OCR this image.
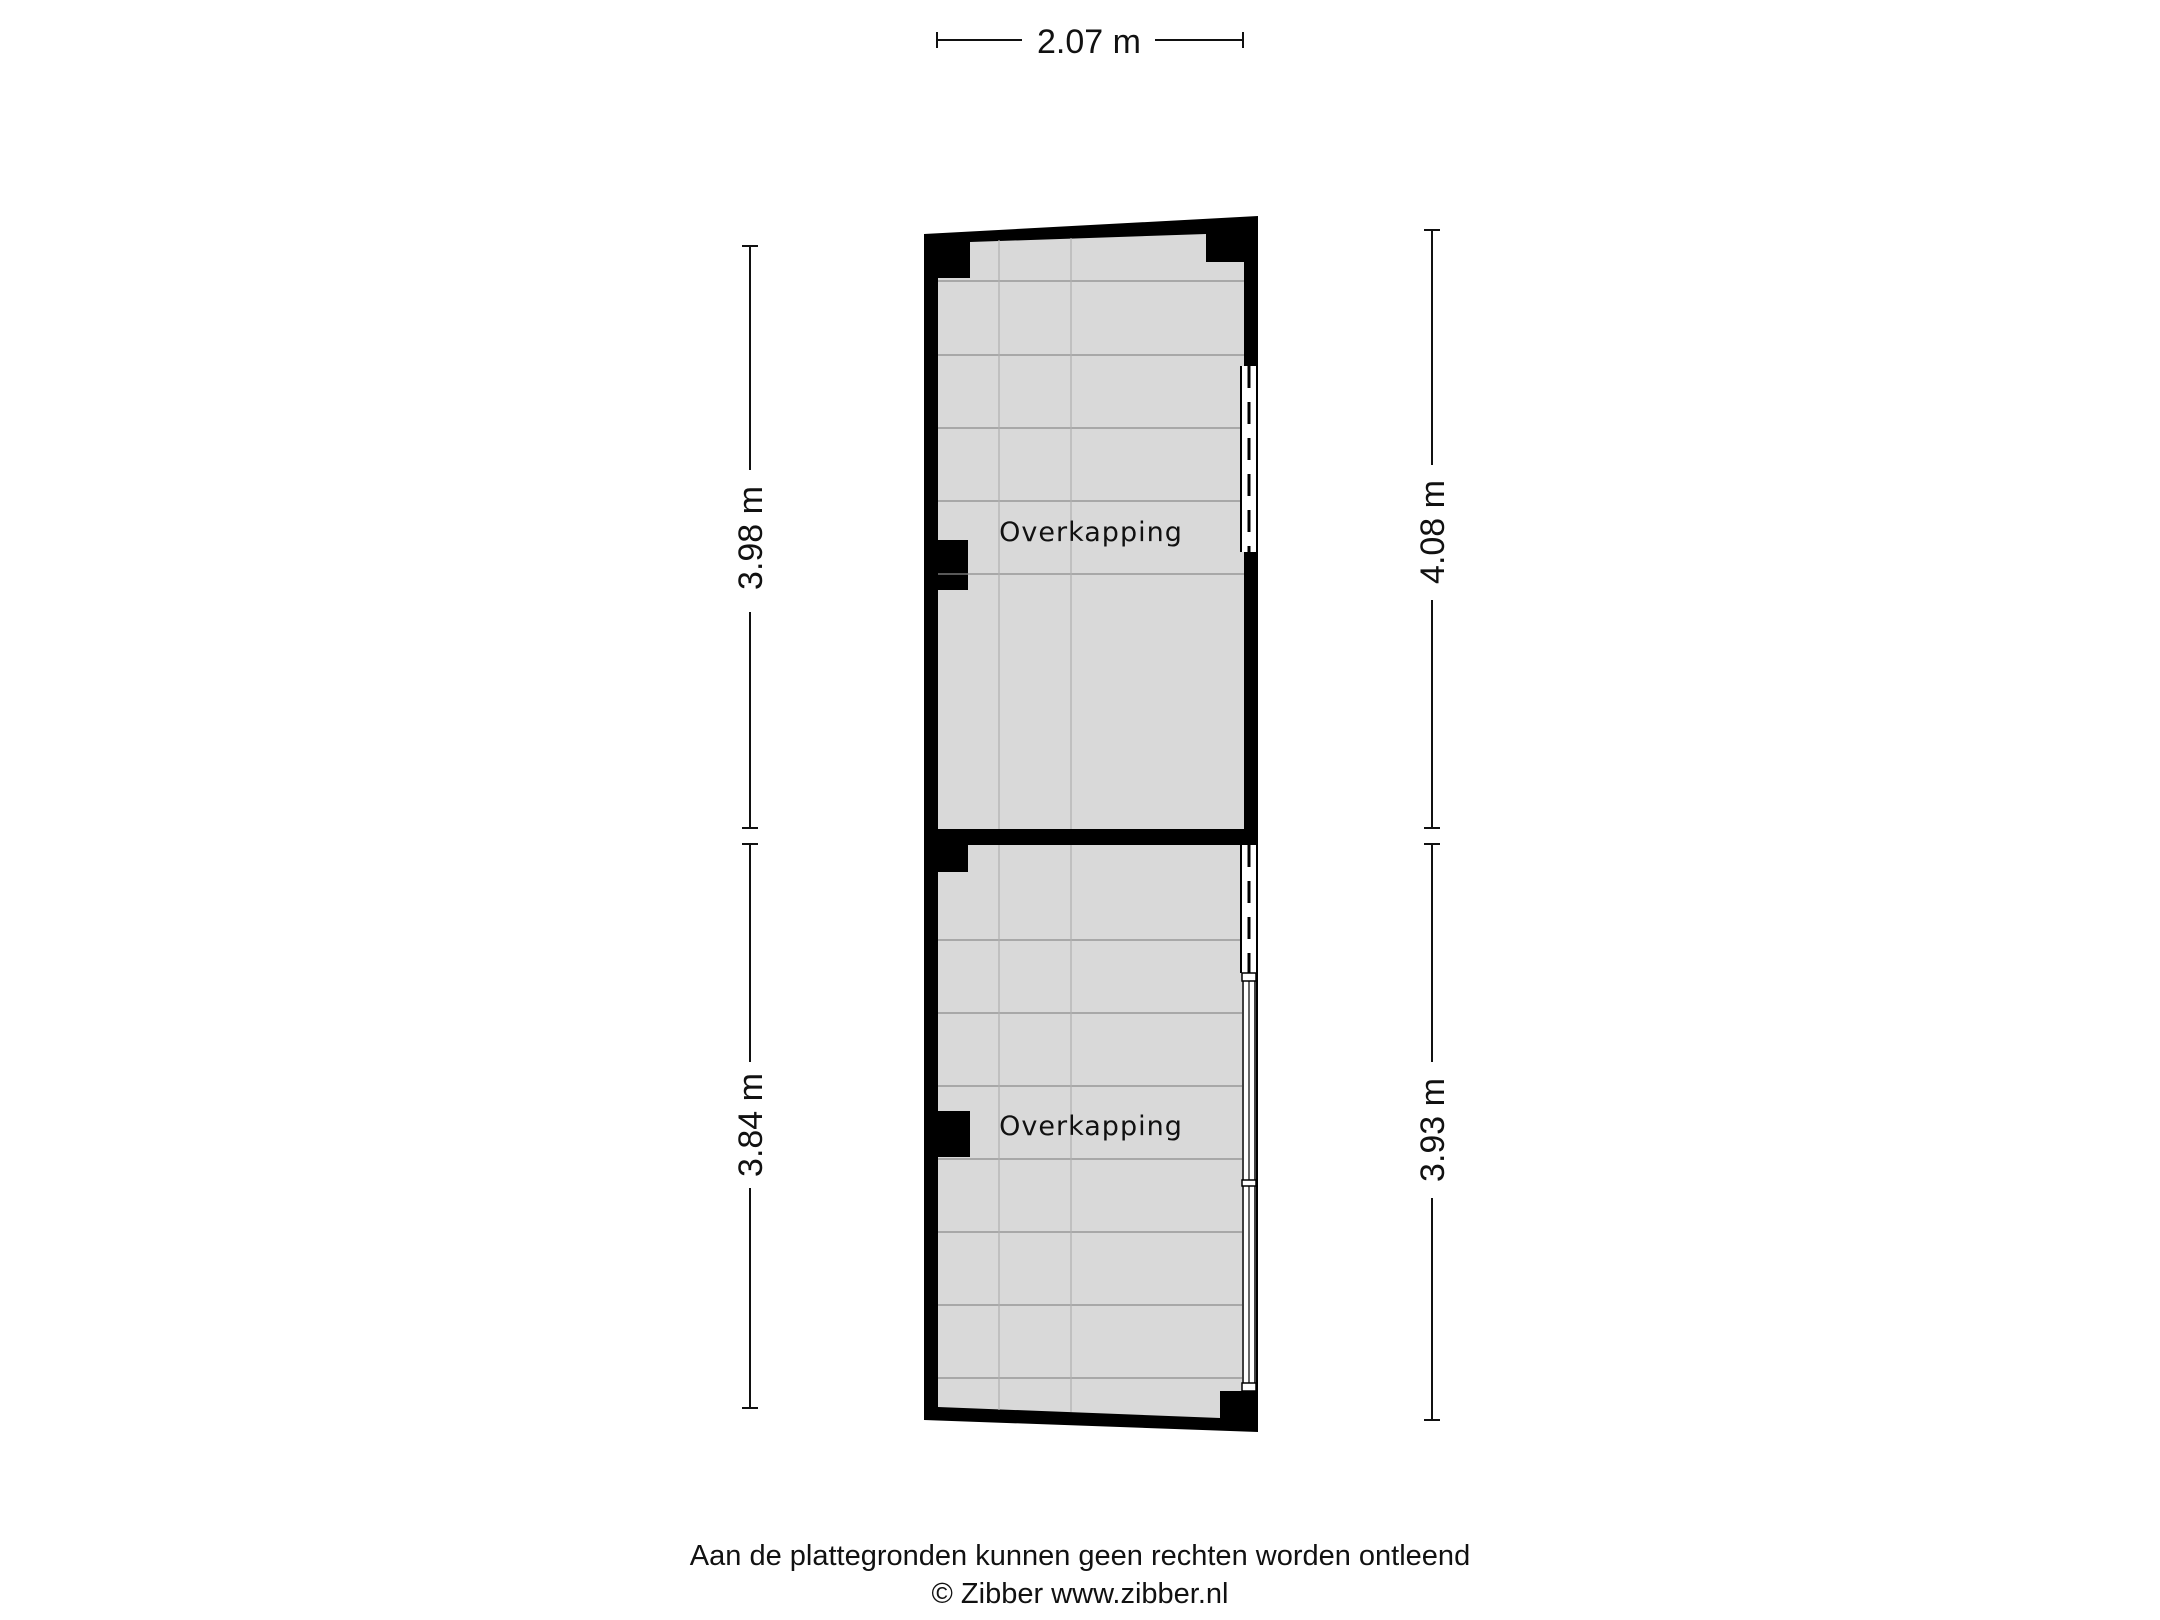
2.07 m
3.98 m
3.84 m
4.08 m
3.93 m
Overkapping
Overkapping
Aan de plattegronden kunnen geen rechten worden ontleend
© Zibber www.zibber.nl
